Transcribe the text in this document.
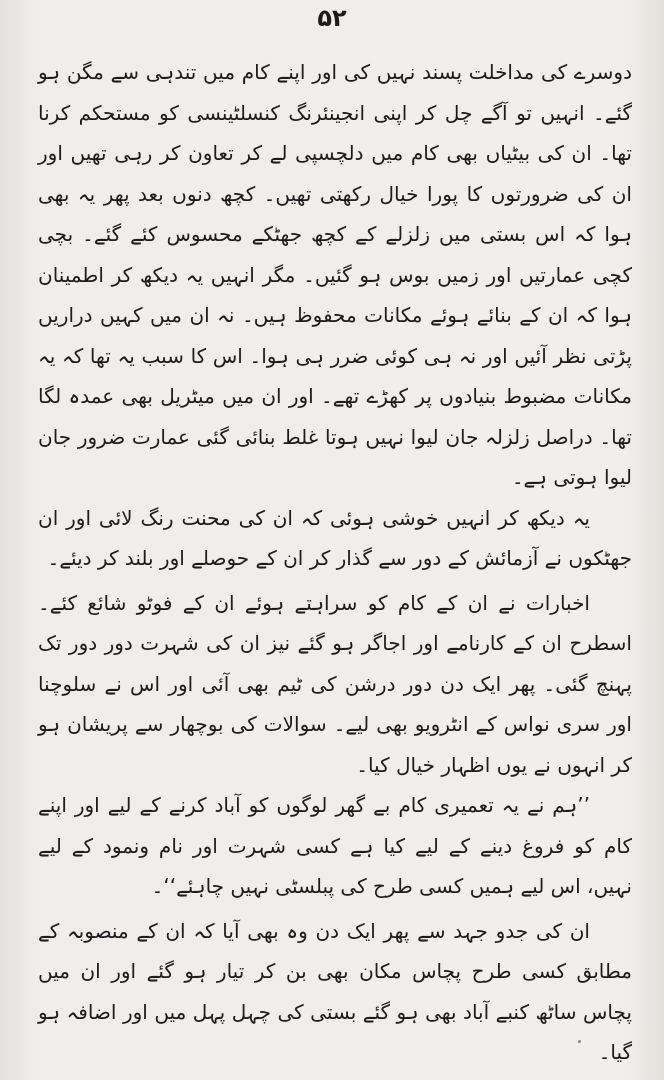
۵۲

دوسرے کی مداخلت پسند نہیں کی اور اپنے کام میں تندہی سے مگن ہو گئے۔ انہیں تو آگے چل کر اپنی انجینئرنگ کنسلٹینسی کو مستحکم کرنا تھا۔ ان کی بیٹیاں بھی کام میں دلچسپی لے کر تعاون کر رہی تھیں اور ان کی ضرورتوں کا پورا خیال رکھتی تھیں۔ کچھ دنوں بعد پھر یہ بھی ہوا کہ اس بستی میں زلزلے کے کچھ جھٹکے محسوس کئے گئے۔ بچی کچی عمارتیں اور زمیں بوس ہو گئیں۔ مگر انہیں یہ دیکھ کر اطمینان ہوا کہ ان کے بنائے ہوئے مکانات محفوظ ہیں۔ نہ ان میں کہیں دراریں پڑتی نظر آئیں اور نہ ہی کوئی ضرر ہی ہوا۔ اس کا سبب یہ تھا کہ یہ مکانات مضبوط بنیادوں پر کھڑے تھے۔ اور ان میں میٹریل بھی عمدہ لگا تھا۔ دراصل زلزلہ جان لیوا نہیں ہوتا غلط بنائی گئی عمارت ضرور جان لیوا ہوتی ہے۔

یہ دیکھ کر انہیں خوشی ہوئی کہ ان کی محنت رنگ لائی اور ان جھٹکوں نے آزمائش کے دور سے گذار کر ان کے حوصلے اور بلند کر دیئے۔

اخبارات نے ان کے کام کو سراہتے ہوئے ان کے فوٹو شائع کئے۔ اسطرح ان کے کارنامے اور اجاگر ہو گئے نیز ان کی شہرت دور دور تک پہنچ گئی۔ پھر ایک دن دور درشن کی ٹیم بھی آئی اور اس نے سلوچنا اور سری نواس کے انٹرویو بھی لیے۔ سوالات کی بوچھار سے پریشان ہو کر انہوں نے یوں اظہار خیال کیا۔

’’ہم نے یہ تعمیری کام بے گھر لوگوں کو آباد کرنے کے لیے اور اپنے کام کو فروغ دینے کے لیے کیا ہے کسی شہرت اور نام ونمود کے لیے نہیں، اس لیے ہمیں کسی طرح کی پبلسٹی نہیں چاہئے‘‘۔

ان کی جدو جہد سے پھر ایک دن وہ بھی آیا کہ ان کے منصوبہ کے مطابق کسی طرح پچاس مکان بھی بن کر تیار ہو گئے اور ان میں پچاس ساٹھ کنبے آباد بھی ہو گئے بستی کی چہل پہل میں اور اضافہ ہو گیا۔
